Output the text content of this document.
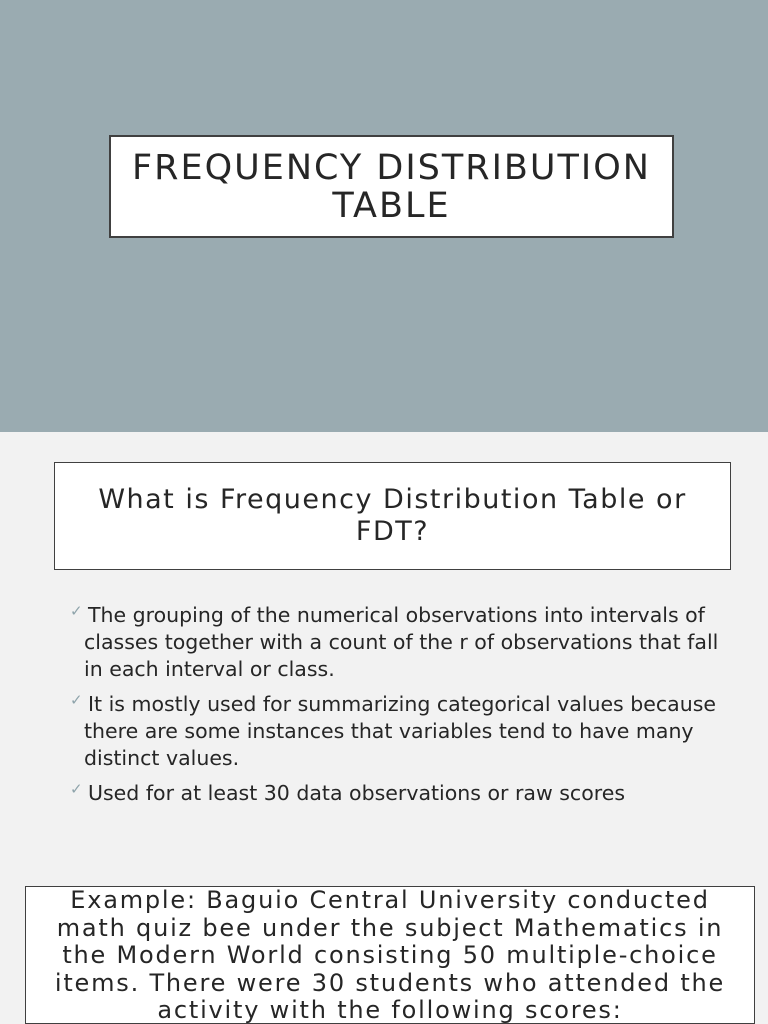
FREQUENCY DISTRIBUTION TABLE
What is Frequency Distribution Table or FDT?
✓ The grouping of the numerical observations into intervals of classes together with a count of the r of observations that fall in each interval or class.
✓ It is mostly used for summarizing categorical values because there are some instances that variables tend to have many distinct values.
✓ Used for at least 30 data observations or raw scores
Example: Baguio Central University conducted math quiz bee under the subject Mathematics in the Modern World consisting 50 multiple-choice items. There were 30 students who attended the activity with the following scores:
